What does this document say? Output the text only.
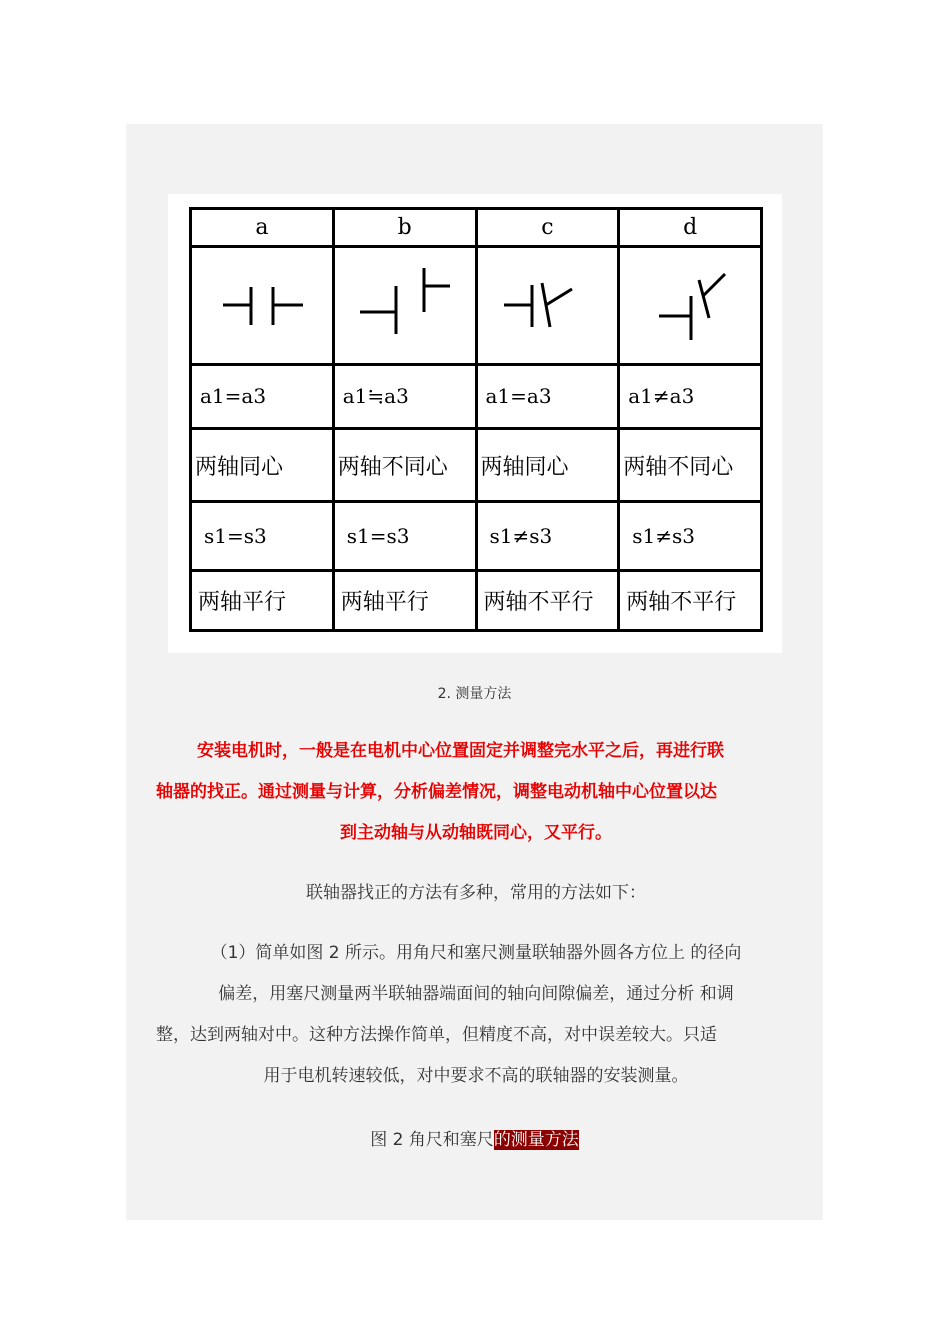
a	b	c	d

a1=a3	a1≒a3	a1=a3	a1≠a3
两轴同心	两轴不同心	两轴同心	两轴不同心
s1=s3	s1=s3	s1≠s3	s1≠s3
两轴平行	两轴平行	两轴不平行	两轴不平行
2. 测量方法
安装电机时，一般是在电机中心位置固定并调整完水平之后，再进行联
轴器的找正。通过测量与计算，分析偏差情况，调整电动机轴中心位置以达
到主动轴与从动轴既同心，又平行。
联轴器找正的方法有多种，常用的方法如下：
（1）简单如图 2 所示。用角尺和塞尺测量联轴器外圆各方位上 的径向
偏差，用塞尺测量两半联轴器端面间的轴向间隙偏差，通过分析 和调
整，达到两轴对中。这种方法操作简单，但精度不高，对中误差较大。只适
用于电机转速较低，对中要求不高的联轴器的安装测量。
图 2 角尺和塞尺的测量方法
